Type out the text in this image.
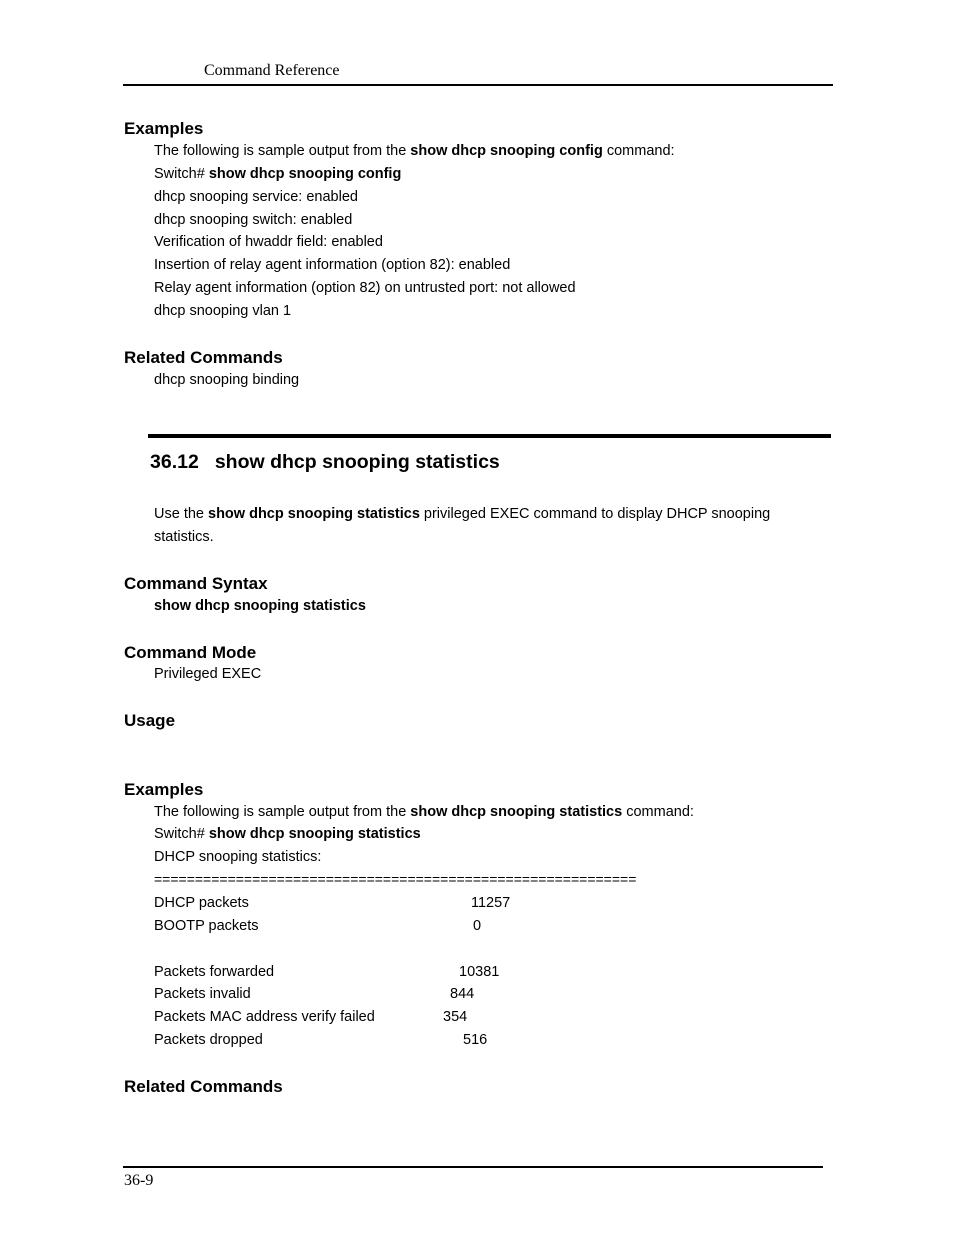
Command Reference
Examples
The following is sample output from the show dhcp snooping config command:
Switch# show dhcp snooping config
dhcp snooping service: enabled
dhcp snooping switch: enabled
Verification of hwaddr field: enabled
Insertion of relay agent information (option 82): enabled
Relay agent information (option 82) on untrusted port: not allowed
dhcp snooping vlan 1
Related Commands
dhcp snooping binding
36.12 show dhcp snooping statistics
Use the show dhcp snooping statistics privileged EXEC command to display DHCP snooping
statistics.
Command Syntax
show dhcp snooping statistics
Command Mode
Privileged EXEC
Usage
Examples
The following is sample output from the show dhcp snooping statistics command:
Switch# show dhcp snooping statistics
DHCP snooping statistics:
===========================================================
DHCP packets	11257
BOOTP packets	0
Packets forwarded	10381
Packets invalid	844
Packets MAC address verify failed	354
Packets dropped	516
Related Commands
36-9
